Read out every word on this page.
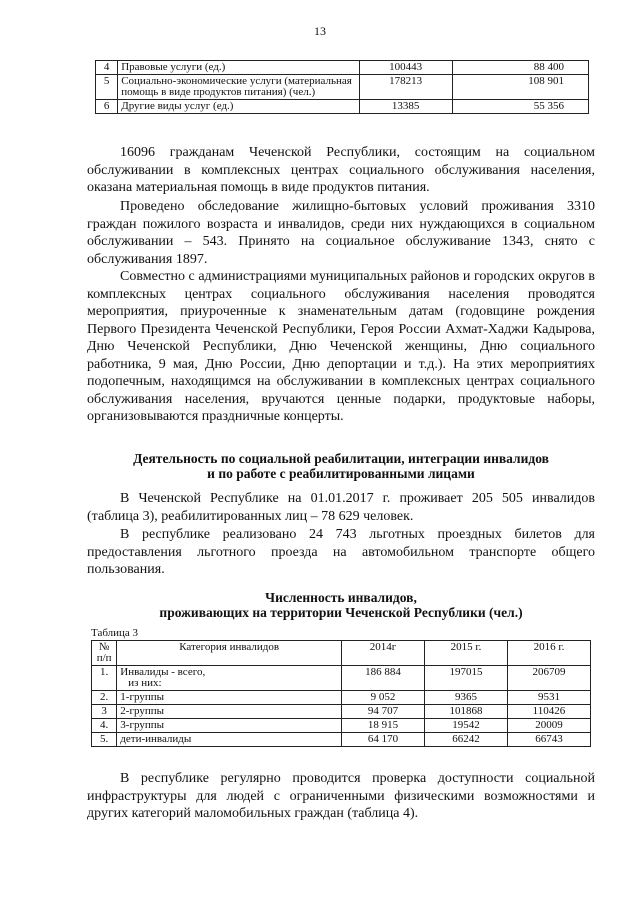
13
4	Правовые услуги (ед.)	100443	88 400
5	Социально-экономические услуги (материальная помощь в виде продуктов питания) (чел.)	178213	108 901
6	Другие виды услуг (ед.)	13385	55 356

16096 гражданам Чеченской Республики, состоящим на социальном обслуживании в комплексных центрах социального обслуживания населения, оказана материальная помощь в виде продуктов питания.

Проведено обследование жилищно-бытовых условий проживания 3310 граждан пожилого возраста и инвалидов, среди них нуждающихся в социальном обслуживании – 543. Принято на социальное обслуживание 1343, снято с обслуживания 1897.

Совместно с администрациями муниципальных районов и городских округов в комплексных центрах социального обслуживания населения проводятся мероприятия, приуроченные к знаменательным датам (годовщине рождения Первого Президента Чеченской Республики, Героя России Ахмат-Хаджи Кадырова, Дню Чеченской Республики, Дню Чеченской женщины, Дню социального работника, 9 мая, Дню России, Дню депортации и т.д.). На этих мероприятиях подопечным, находящимся на обслуживании в комплексных центрах социального обслуживания населения, вручаются ценные подарки, продуктовые наборы, организовываются праздничные концерты.

Деятельность по социальной реабилитации, интеграции инвалидов
и по работе с реабилитированными лицами

В Чеченской Республике на 01.01.2017 г. проживает 205 505 инвалидов (таблица 3), реабилитированных лиц – 78 629 человек.

В республике реализовано 24 743 льготных проездных билетов для предоставления льготного проезда на автомобильном транспорте общего пользования.

Численность инвалидов,
проживающих на территории Чеченской Республики (чел.)
Таблица 3
№ п/п	Категория инвалидов	2014г	2015 г.	2016 г.
1.	Инвалиды - всего,
из них:	186 884	197015	206709
2.	1-группы	9 052	9365	9531
3	2-группы	94 707	101868	110426
4.	3-группы	18 915	19542	20009
5.	дети-инвалиды	64 170	66242	66743

В республике регулярно проводится проверка доступности социальной инфраструктуры для людей с ограниченными физическими возможностями и других категорий маломобильных граждан (таблица 4).
